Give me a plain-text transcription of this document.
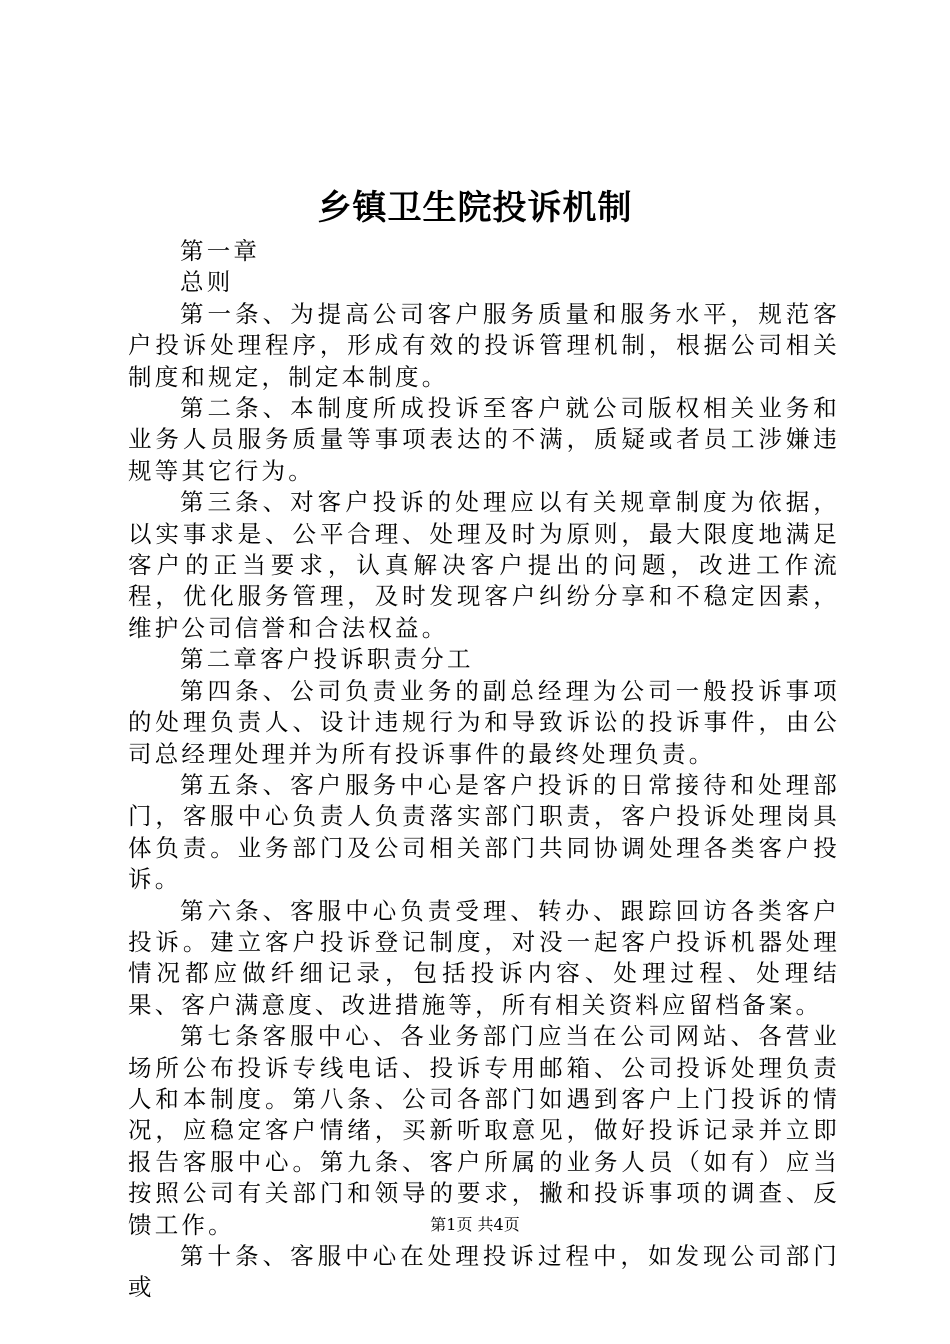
乡镇卫生院投诉机制

第一章

总则

第一条、为提高公司客户服务质量和服务水平，规范客户投诉处理程序，形成有效的投诉管理机制，根据公司相关制度和规定，制定本制度。

第二条、本制度所成投诉至客户就公司版权相关业务和业务人员服务质量等事项表达的不满，质疑或者员工涉嫌违规等其它行为。

第三条、对客户投诉的处理应以有关规章制度为依据，以实事求是、公平合理、处理及时为原则，最大限度地满足客户的正当要求，认真解决客户提出的问题，改进工作流程，优化服务管理，及时发现客户纠纷分享和不稳定因素，维护公司信誉和合法权益。

第二章客户投诉职责分工

第四条、公司负责业务的副总经理为公司一般投诉事项的处理负责人、设计违规行为和导致诉讼的投诉事件，由公司总经理处理并为所有投诉事件的最终处理负责。

第五条、客户服务中心是客户投诉的日常接待和处理部门，客服中心负责人负责落实部门职责，客户投诉处理岗具体负责。业务部门及公司相关部门共同协调处理各类客户投诉。

第六条、客服中心负责受理、转办、跟踪回访各类客户投诉。建立客户投诉登记制度，对没一起客户投诉机器处理情况都应做纤细记录，包括投诉内容、处理过程、处理结果、客户满意度、改进措施等，所有相关资料应留档备案。

第七条客服中心、各业务部门应当在公司网站、各营业场所公布投诉专线电话、投诉专用邮箱、公司投诉处理负责人和本制度。第八条、公司各部门如遇到客户上门投诉的情况，应稳定客户情绪，买新听取意见，做好投诉记录并立即报告客服中心。第九条、客户所属的业务人员（如有）应当按照公司有关部门和领导的要求，撇和投诉事项的调查、反馈工作。

第十条、客服中心在处理投诉过程中，如发现公司部门或

第1页 共4页
